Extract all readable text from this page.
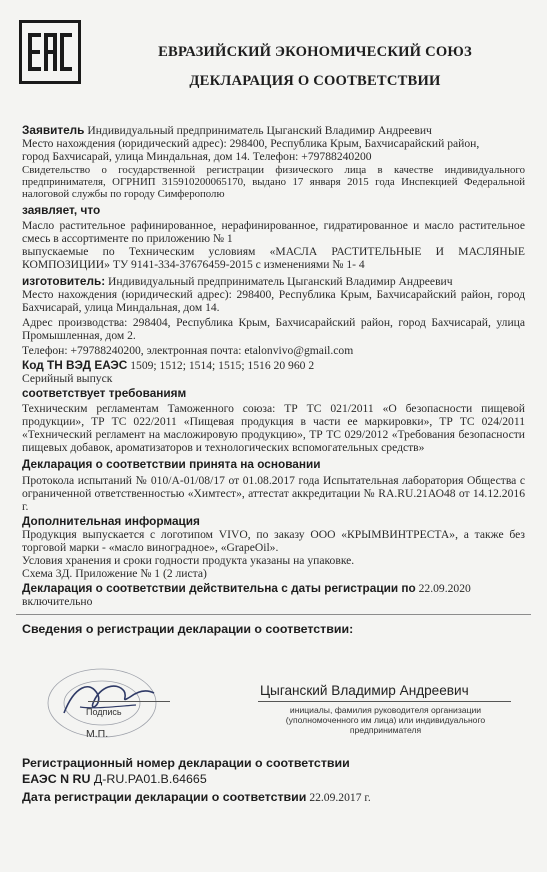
ЕВРАЗИЙСКИЙ ЭКОНОМИЧЕСКИЙ СОЮЗ
ДЕКЛАРАЦИЯ О СООТВЕТСТВИИ

Заявитель Индивидуальный предприниматель Цыганский Владимир Андреевич

Место нахождения (юридический адрес): 298400, Республика Крым, Бахчисарайский район,

город Бахчисарай, улица Миндальная, дом 14. Телефон: +79788240200

Свидетельство о государственной регистрации физического лица в качестве индивидуального предпринимателя, ОГРНИП 315910200065170, выдано 17 января 2015 года Инспекцией Федеральной налоговой службы по городу Симферополю

заявляет, что

Масло растительное рафинированное, нерафинированное, гидратированное и масло растительное смесь в ассортименте по приложению № 1

выпускаемые по Техническим условиям «МАСЛА РАСТИТЕЛЬНЫЕ И МАСЛЯНЫЕ КОМПОЗИЦИИ» ТУ 9141-334-37676459-2015 с изменениями № 1- 4

изготовитель: Индивидуальный предприниматель Цыганский Владимир Андреевич

Место нахождения (юридический адрес): 298400, Республика Крым, Бахчисарайский район, город Бахчисарай, улица Миндальная, дом 14.

Адрес производства: 298404, Республика Крым, Бахчисарайский район, город Бахчисарай, улица Промышленная, дом 2.

Телефон: +79788240200, электронная почта: etalonvivo@gmail.com

Код ТН ВЭД ЕАЭС 1509; 1512; 1514; 1515; 1516 20 960 2

Серийный выпуск

соответствует требованиям

Техническим регламентам Таможенного союза: ТР ТС 021/2011 «О безопасности пищевой продукции», ТР ТС 022/2011 «Пищевая продукция в части ее маркировки», ТР ТС 024/2011 «Технический регламент на масложировую продукцию», ТР ТС 029/2012 «Требования безопасности пищевых добавок, ароматизаторов и технологических вспомогательных средств»

Декларация о соответствии принята на основании

Протокола испытаний № 010/А-01/08/17 от 01.08.2017 года Испытательная лаборатория Общества с ограниченной ответственностью «Химтест», аттестат аккредитации № RA.RU.21АО48 от 14.12.2016 г.

Дополнительная информация

Продукция выпускается с логотипом VIVO, по заказу ООО «КРЫМВИНТРЕСТА», а также без торговой марки - «масло виноградное», «GrapeOil».

Условия хранения и сроки годности продукта указаны на упаковке.

Схема 3Д. Приложение № 1 (2 листа)

Декларация о соответствии действительна с даты регистрации по 22.09.2020

включительно

Сведения о регистрации декларации о соответствии:

Подпись
М.П.
Цыганский Владимир Андреевич
инициалы, фамилия руководителя организации
(уполномоченного им лица) или индивидуального предпринимателя

Регистрационный номер декларации о соответствии

ЕАЭС N RU Д-RU.PA01.B.64665

Дата регистрации декларации о соответствии 22.09.2017 г.
